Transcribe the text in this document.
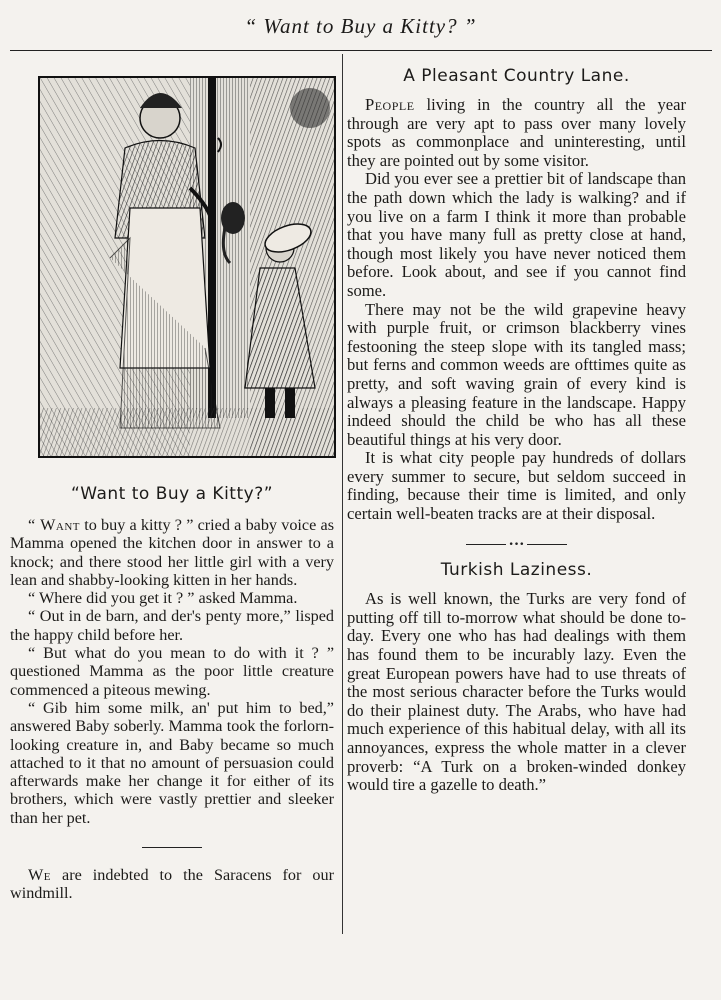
“ Want to Buy a Kitty? ”
“Want to Buy a Kitty?”

“ Want to buy a kitty ? ” cried a baby voice as Mamma opened the kitchen door in answer to a knock; and there stood her little girl with a very lean and shabby-looking kitten in her hands.

“ Where did you get it ? ” asked Mamma.

“ Out in de barn, and der's penty more,” lisped the happy child before her.

“ But what do you mean to do with it ? ” questioned Mamma as the poor little creature commenced a piteous mewing.

“ Gib him some milk, an' put him to bed,” answered Baby soberly. Mamma took the forlorn-looking creature in, and Baby became so much attached to it that no amount of persuasion could afterwards make her change it for either of its brothers, which were vastly prettier and sleeker than her pet.

We are indebted to the Saracens for our windmill.

A Pleasant Country Lane.

People living in the country all the year through are very apt to pass over many lovely spots as commonplace and uninteresting, until they are pointed out by some visitor.

Did you ever see a prettier bit of landscape than the path down which the lady is walking? and if you live on a farm I think it more than probable that you have many full as pretty close at hand, though most likely you have never noticed them before. Look about, and see if you cannot find some.

There may not be the wild grapevine heavy with purple fruit, or crimson blackberry vines festooning the steep slope with its tangled mass; but ferns and common weeds are ofttimes quite as pretty, and soft waving grain of every kind is always a pleasing feature in the landscape. Happy indeed should the child be who has all these beautiful things at his very door.

It is what city people pay hundreds of dollars every summer to secure, but seldom succeed in finding, because their time is limited, and only certain well-beaten tracks are at their disposal.

•••
Turkish Laziness.

As is well known, the Turks are very fond of putting off till to-morrow what should be done to-day. Every one who has had dealings with them has found them to be incurably lazy. Even the great European powers have had to use threats of the most serious character before the Turks would do their plainest duty. The Arabs, who have had much experience of this habitual delay, with all its annoyances, express the whole matter in a clever proverb: “A Turk on a broken-winded donkey would tire a gazelle to death.”
